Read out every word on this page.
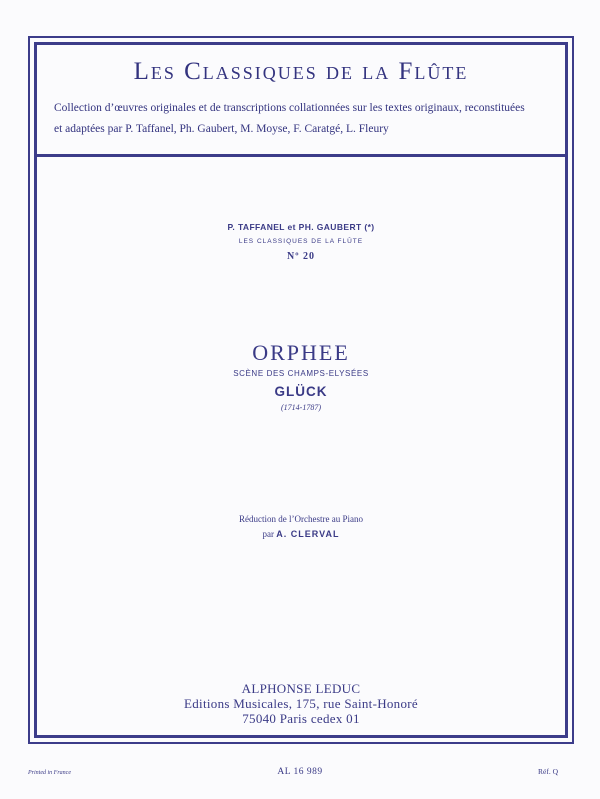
Les Classiques de la Flûte
Collection d’œuvres originales et de transcriptions collationnées sur les textes originaux, reconstituées
et adaptées par P. Taffanel, Ph. Gaubert, M. Moyse, F. Caratgé, L. Fleury
P. TAFFANEL et PH. GAUBERT (*)
LES CLASSIQUES DE LA FLÛTE
Nº 20
ORPHEE
SCÈNE DES CHAMPS-ELYSÉES
GLÜCK
(1714-1787)
Réduction de l’Orchestre au Piano
par A. CLERVAL
ALPHONSE LEDUC
Editions Musicales, 175, rue Saint-Honoré
75040 Paris cedex 01
AL 16 989
Printed in France	Réf. Q
